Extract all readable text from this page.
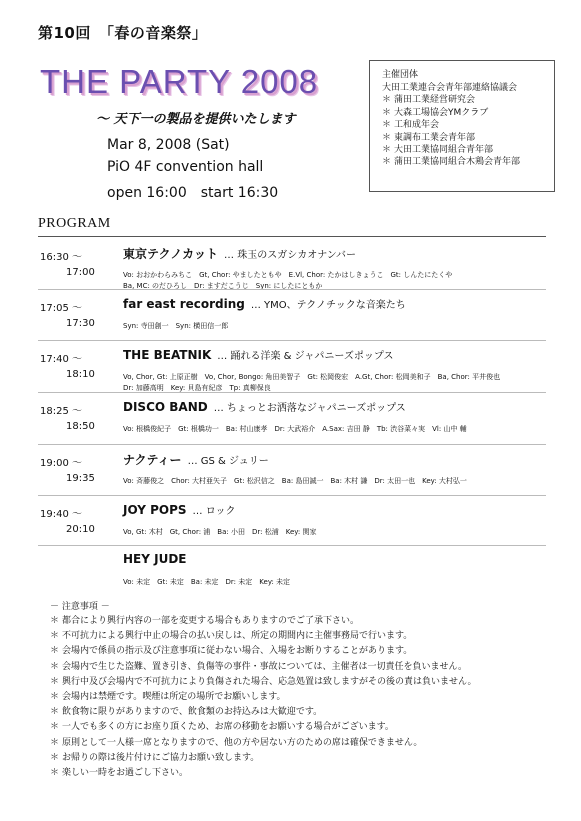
第10回　「春の音楽祭」
THE PARTY 2008
～ 天下一の製品を提供いたします
Mar 8, 2008 (Sat)
PiO 4F convention hall
open 16:00　start 16:30
主催団体
大田工業連合会青年部連絡協議会
＊ 蒲田工業経営研究会
＊ 大森工場協会YMクラブ
＊ 工和成年会
＊ 東調布工業会青年部
＊ 大田工業協同組合青年部
＊ 蒲田工業協同組合木鶏会青年部
PROGRAM
16:30 ～
17:00
東京テクノカット … 珠玉のスガシカオナンバー
Vo: おおかわらみちこ　Gt, Chor: やましたともや　E.Vl, Chor: たかはしきょうこ　Gt: しんたにたくや
Ba, MC: のだひろし　Dr: ますだこうじ　Syn: にしたにともか
17:05 ～
17:30
far east recording … YMO、テクノチックな音楽たち
Syn: 寺田創一　Syn: 横田信一郎
17:40 ～
18:10
THE BEATNIK … 踊れる洋楽 & ジャパニーズポップス
Vo, Chor, Gt: 上原正樹　Vo, Chor, Bongo: 角田美智子　Gt: 松岡俊宏　A.Gt, Chor: 松岡美和子　Ba, Chor: 平井俊也
Dr: 加藤高明　Key: 貝島有紀彦　Tp: 真柳保良
18:25 ～
18:50
DISCO BAND … ちょっとお洒落なジャパニーズポップス
Vo: 根橋俊紀子　Gt: 根橋功一　Ba: 村山康孝　Dr: 大武裕介　A.Sax: 吉田 静　Tb: 渋谷菜々実　Vl: 山中 輔
19:00 ～
19:35
ナクティー … GS & ジュリー
Vo: 斉藤俊之　Chor: 大村亜矢子　Gt: 松沢信之　Ba: 島田誠一　Ba: 木村 謙　Dr: 太田一也　Key: 大村弘一
19:40 ～
20:10
JOY POPS … ロック
Vo, Gt: 木村　Gt, Chor: 浦　Ba: 小田　Dr: 松浦　Key: 関家
HEY JUDE
Vo: 未定　Gt: 未定　Ba: 未定　Dr: 未定　Key: 未定
－ 注意事項 －
＊ 都合により興行内容の一部を変更する場合もありますのでご了承下さい。
＊ 不可抗力による興行中止の場合の払い戻しは、所定の期間内に主催事務局で行います。
＊ 会場内で係員の指示及び注意事項に従わない場合、入場をお断りすることがあります。
＊ 会場内で生じた盗難、置き引き、負傷等の事件・事故については、主催者は一切責任を負いません。
＊ 興行中及び会場内で不可抗力により負傷された場合、応急処置は致しますがその後の責は負いません。
＊ 会場内は禁煙です。喫煙は所定の場所でお願いします。
＊ 飲食物に限りがありますので、飲食類のお持込みは大歓迎です。
＊ 一人でも多くの方にお座り頂くため、お席の移動をお願いする場合がございます。
＊ 原則として一人様一席となりますので、他の方や居ない方のための席は確保できません。
＊ お帰りの際は後片付けにご協力お願い致します。
＊ 楽しい一時をお過ごし下さい。
